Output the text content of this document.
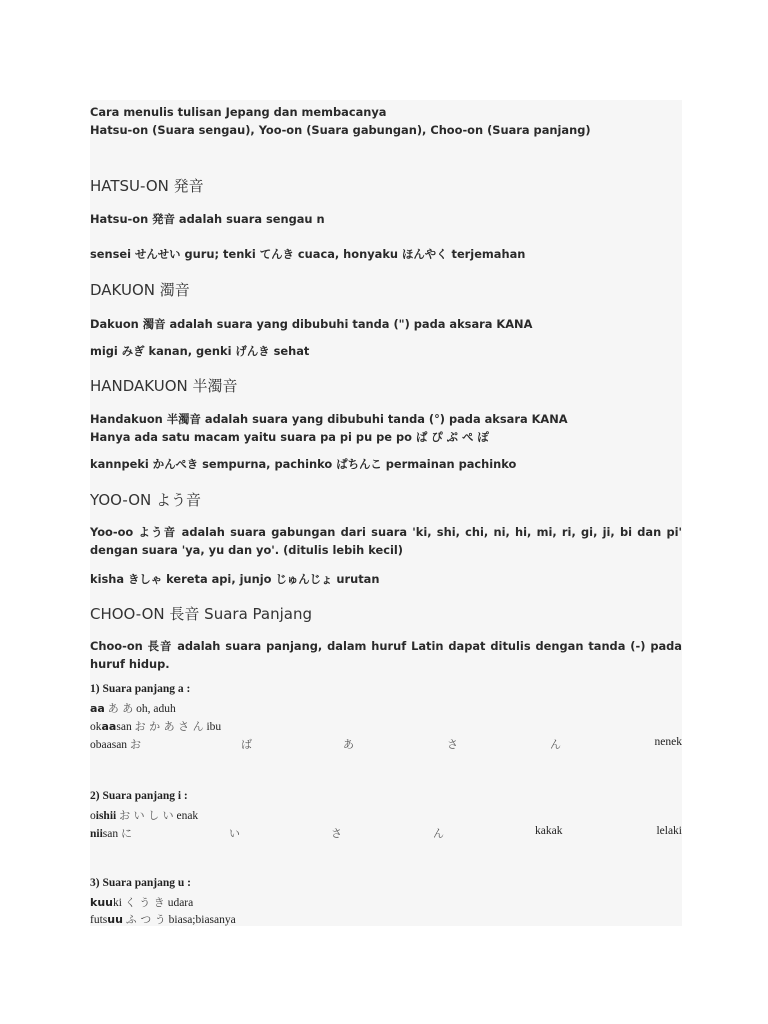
Cara menulis tulisan Jepang dan membacanya
Hatsu-on (Suara sengau), Yoo-on (Suara gabungan), Choo-on (Suara panjang)
HATSU-ON 発音
Hatsu-on 発音 adalah suara sengau n
sensei せんせい guru; tenki てんき cuaca, honyaku ほんやく terjemahan
DAKUON 濁音
Dakuon 濁音 adalah suara yang dibubuhi tanda (") pada aksara KANA
migi みぎ kanan, genki げんき sehat
HANDAKUON 半濁音
Handakuon 半濁音 adalah suara yang dibubuhi tanda (°) pada aksara KANA
Hanya ada satu macam yaitu suara pa pi pu pe po ぱ ぴ ぷ ぺ ぽ
kannpeki かんぺき sempurna, pachinko ぱちんこ permainan pachinko
YOO-ON よう音
Yoo-oo よう音 adalah suara gabungan dari suara 'ki, shi, chi, ni, hi, mi, ri, gi, ji, bi dan pi' dengan suara 'ya, yu dan yo'. (ditulis lebih kecil)
kisha きしゃ kereta api, junjo じゅんじょ urutan
CHOO-ON 長音 Suara Panjang
Choo-on 長音 adalah suara panjang, dalam huruf Latin dapat ditulis dengan tanda (-) pada huruf hidup.
1) Suara panjang a :
aa あ あ oh, aduh
okaasan お か あ さ ん ibu
obaasan お	ば	あ	さ	ん	nenek
2) Suara panjang i :
oishii お い し い enak
niisan に	い	さ	ん	kakak	lelaki
3) Suara panjang u :
kuuki く う き udara
futsuu ふ つ う biasa;biasanya
